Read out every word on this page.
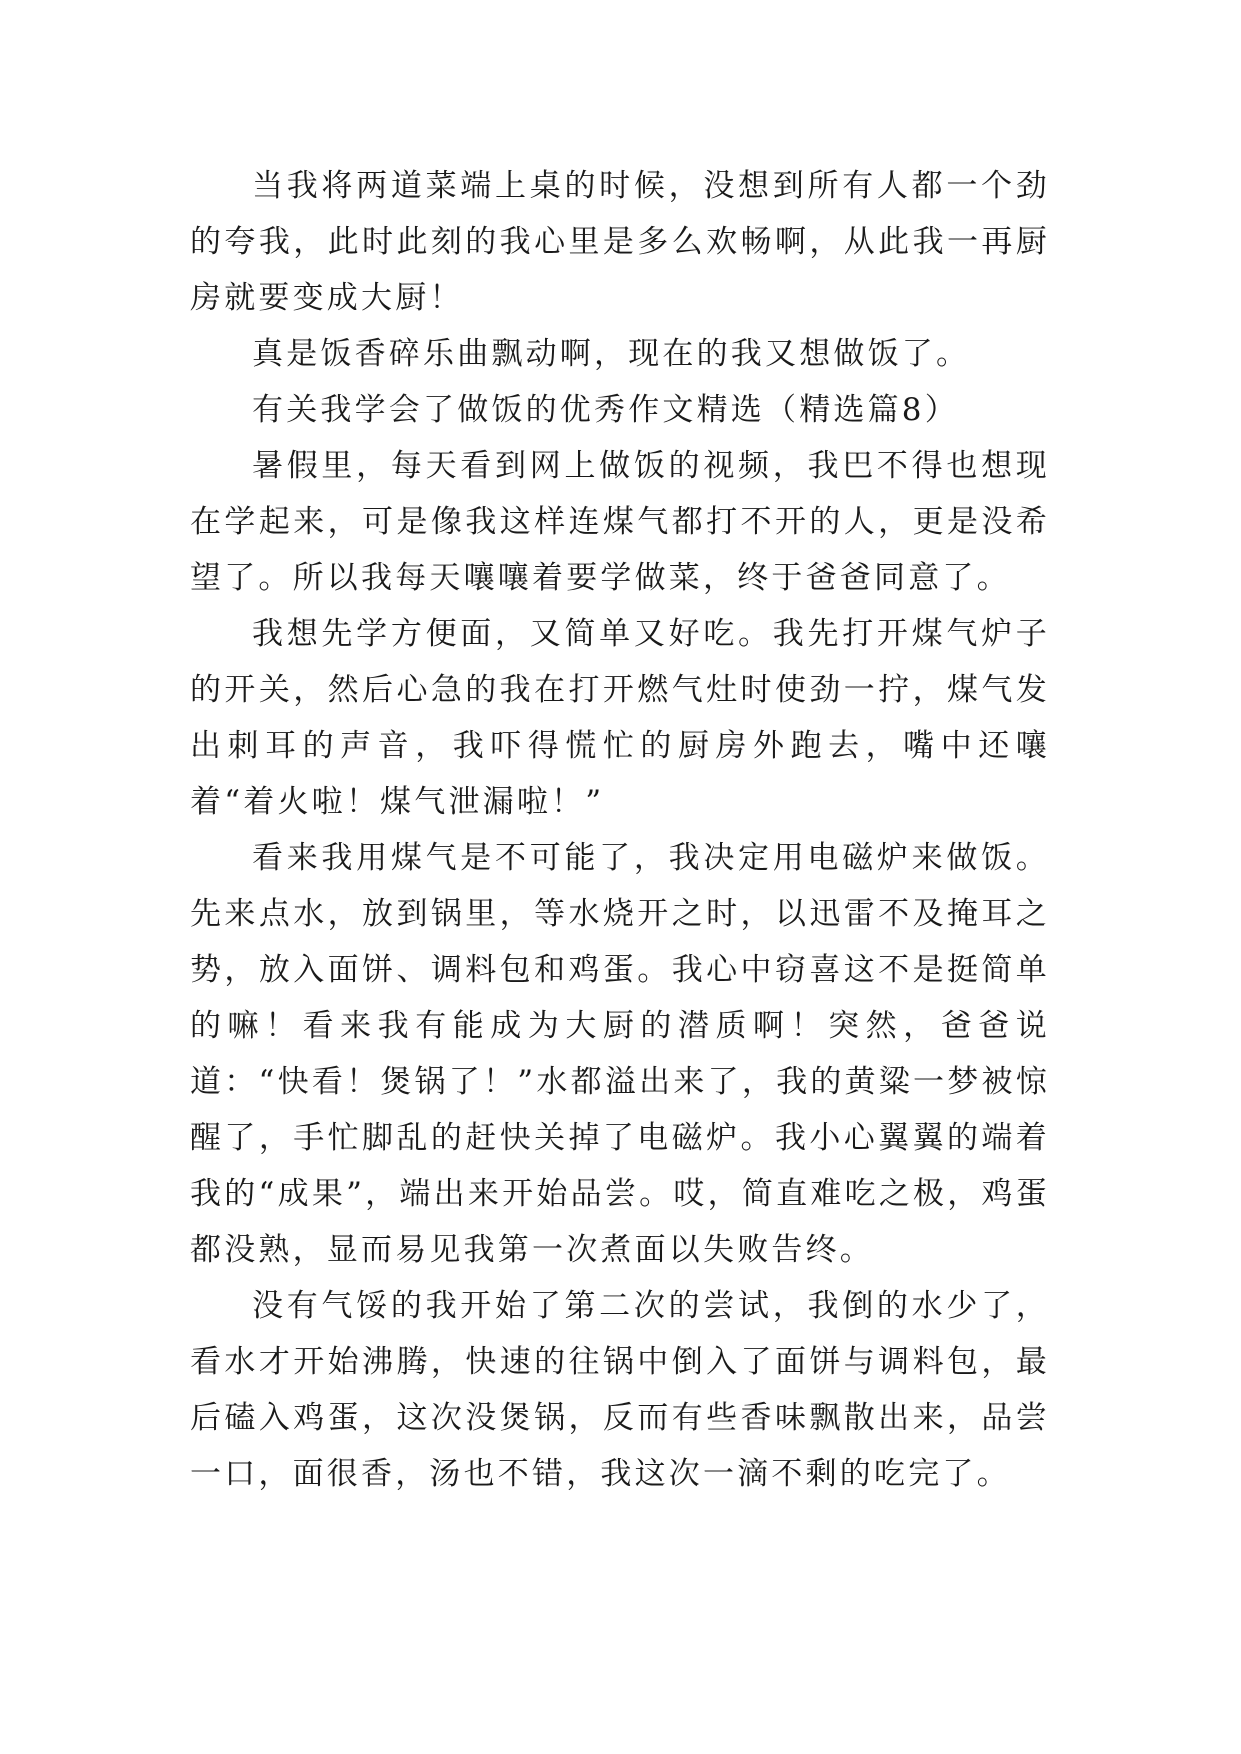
当我将两道菜端上桌的时候，没想到所有人都一个劲的夸我，此时此刻的我心里是多么欢畅啊，从此我一再厨房就要变成大厨！

真是饭香碎乐曲飘动啊，现在的我又想做饭了。

有关我学会了做饭的优秀作文精选（精选篇8）

暑假里，每天看到网上做饭的视频，我巴不得也想现在学起来，可是像我这样连煤气都打不开的人，更是没希望了。所以我每天嚷嚷着要学做菜，终于爸爸同意了。

我想先学方便面，又简单又好吃。我先打开煤气炉子的开关，然后心急的我在打开燃气灶时使劲一拧，煤气发出刺耳的声音，我吓得慌忙的厨房外跑去，嘴中还嚷着“着火啦！煤气泄漏啦！”

看来我用煤气是不可能了，我决定用电磁炉来做饭。先来点水，放到锅里，等水烧开之时，以迅雷不及掩耳之势，放入面饼、调料包和鸡蛋。我心中窃喜这不是挺简单的嘛！看来我有能成为大厨的潜质啊！突然，爸爸说道：“快看！煲锅了！”水都溢出来了，我的黄粱一梦被惊醒了，手忙脚乱的赶快关掉了电磁炉。我小心翼翼的端着我的“成果”，端出来开始品尝。哎，简直难吃之极，鸡蛋都没熟，显而易见我第一次煮面以失败告终。

没有气馁的我开始了第二次的尝试，我倒的水少了，看水才开始沸腾，快速的往锅中倒入了面饼与调料包，最后磕入鸡蛋，这次没煲锅，反而有些香味飘散出来，品尝一口，面很香，汤也不错，我这次一滴不剩的吃完了。
